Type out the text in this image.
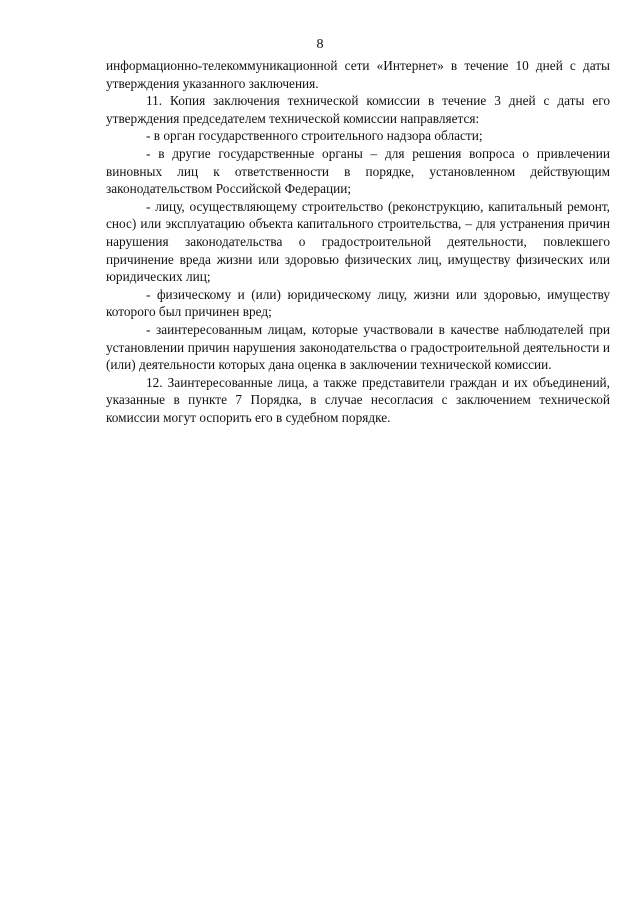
8

информационно-телекоммуникационной сети «Интернет» в течение 10 дней с даты утверждения указанного заключения.

11. Копия заключения технической комиссии в течение 3 дней с даты его утверждения председателем технической комиссии направляется:

- в орган государственного строительного надзора области;

- в другие государственные органы – для решения вопроса о привлечении виновных лиц к ответственности в порядке, установленном действующим законодательством Российской Федерации;

- лицу, осуществляющему строительство (реконструкцию, капитальный ремонт, снос) или эксплуатацию объекта капитального строительства, – для устранения причин нарушения законодательства о градостроительной деятельности, повлекшего причинение вреда жизни или здоровью физических лиц, имуществу физических или юридических лиц;

- физическому и (или) юридическому лицу, жизни или здоровью, имуществу которого был причинен вред;

- заинтересованным лицам, которые участвовали в качестве наблюдателей при установлении причин нарушения законодательства о градостроительной деятельности и (или) деятельности которых дана оценка в заключении технической комиссии.

12. Заинтересованные лица, а также представители граждан и их объединений, указанные в пункте 7 Порядка, в случае несогласия с заключением технической комиссии могут оспорить его в судебном порядке.
